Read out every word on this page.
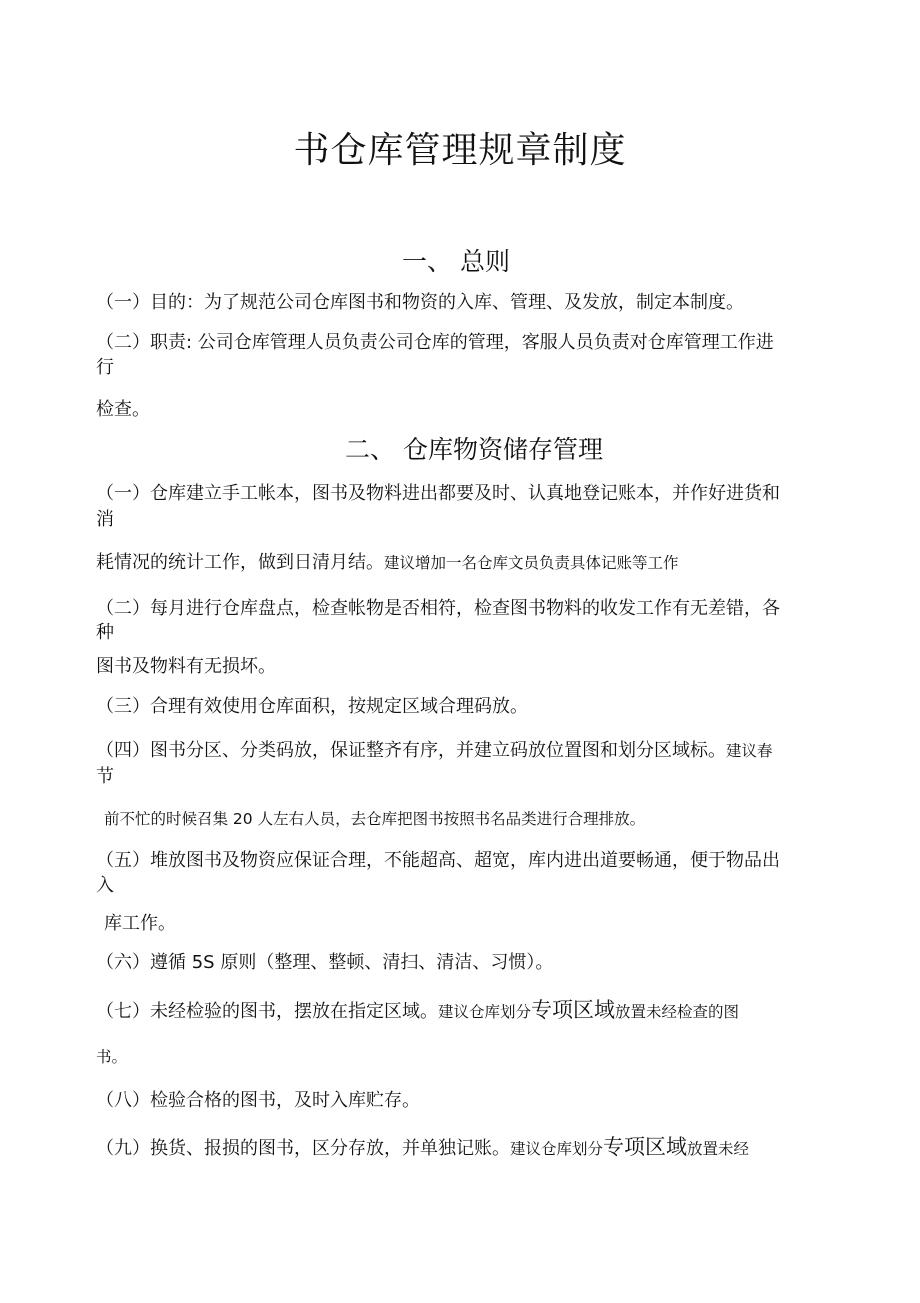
书仓库管理规章制度
一、 总则
（一）目的：为了规范公司仓库图书和物资的入库、管理、及发放，制定本制度。
（二）职责: 公司仓库管理人员负责公司仓库的管理，客服人员负责对仓库管理工作进
行
检查。
二、 仓库物资储存管理
（一）仓库建立手工帐本，图书及物料进出都要及时、认真地登记账本，并作好进货和
消
耗情况的统计工作，做到日清月结。建议增加一名仓库文员负责具体记账等工作
（二）每月进行仓库盘点，检查帐物是否相符，检查图书物料的收发工作有无差错，各
种
图书及物料有无损坏。
（三）合理有效使用仓库面积，按规定区域合理码放。
（四）图书分区、分类码放，保证整齐有序，并建立码放位置图和划分区域标。建议春
节
前不忙的时候召集 20 人左右人员，去仓库把图书按照书名品类进行合理排放。
（五）堆放图书及物资应保证合理，不能超高、超宽，库内进出道要畅通，便于物品出
入
库工作。
（六）遵循 5S 原则（整理、整顿、清扫、清洁、习惯）。
（七）未经检验的图书，摆放在指定区域。建议仓库划分专项区域放置未经检查的图
书。
（八）检验合格的图书，及时入库贮存。
（九）换货、报损的图书，区分存放，并单独记账。建议仓库划分专项区域放置未经
